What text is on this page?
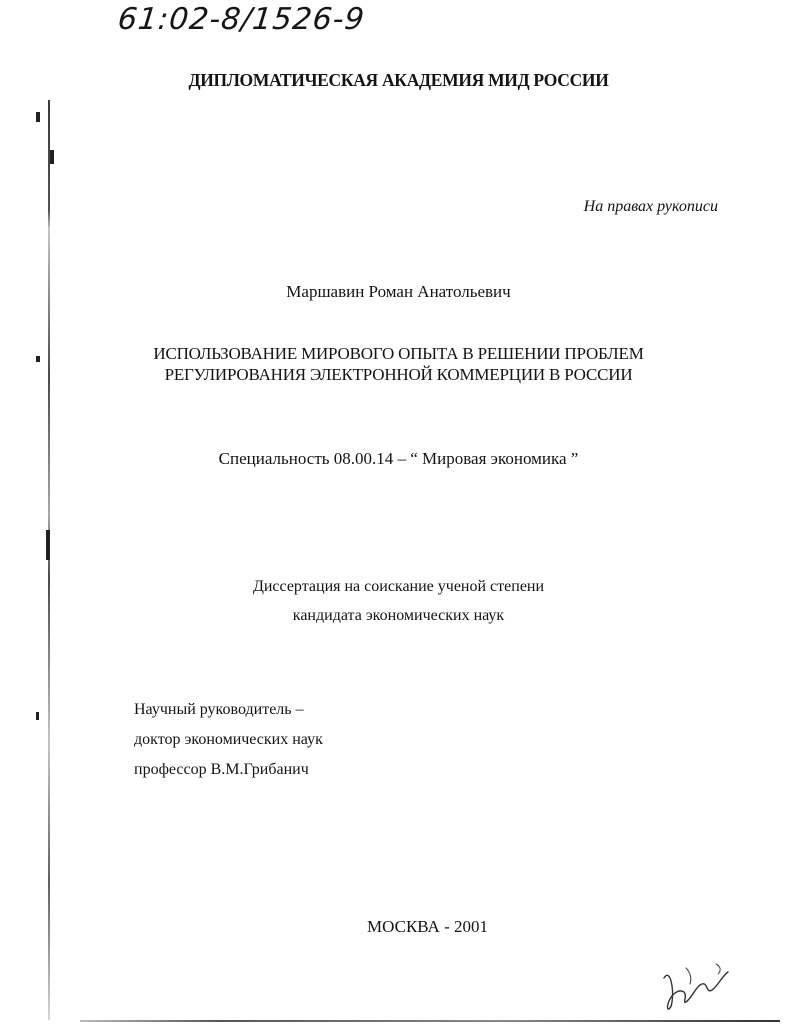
61:02-8/1526-9
ДИПЛОМАТИЧЕСКАЯ АКАДЕМИЯ МИД РОССИИ
На правах рукописи
Маршавин Роман Анатольевич
ИСПОЛЬЗОВАНИЕ МИРОВОГО ОПЫТА В РЕШЕНИИ ПРОБЛЕМ
РЕГУЛИРОВАНИЯ ЭЛЕКТРОННОЙ КОММЕРЦИИ В РОССИИ
Специальность 08.00.14 – “ Мировая экономика ”
Диссертация на соискание ученой степени
кандидата экономических наук
Научный руководитель –
доктор экономических наук
профессор В.М.Грибанич
МОСКВА - 2001
